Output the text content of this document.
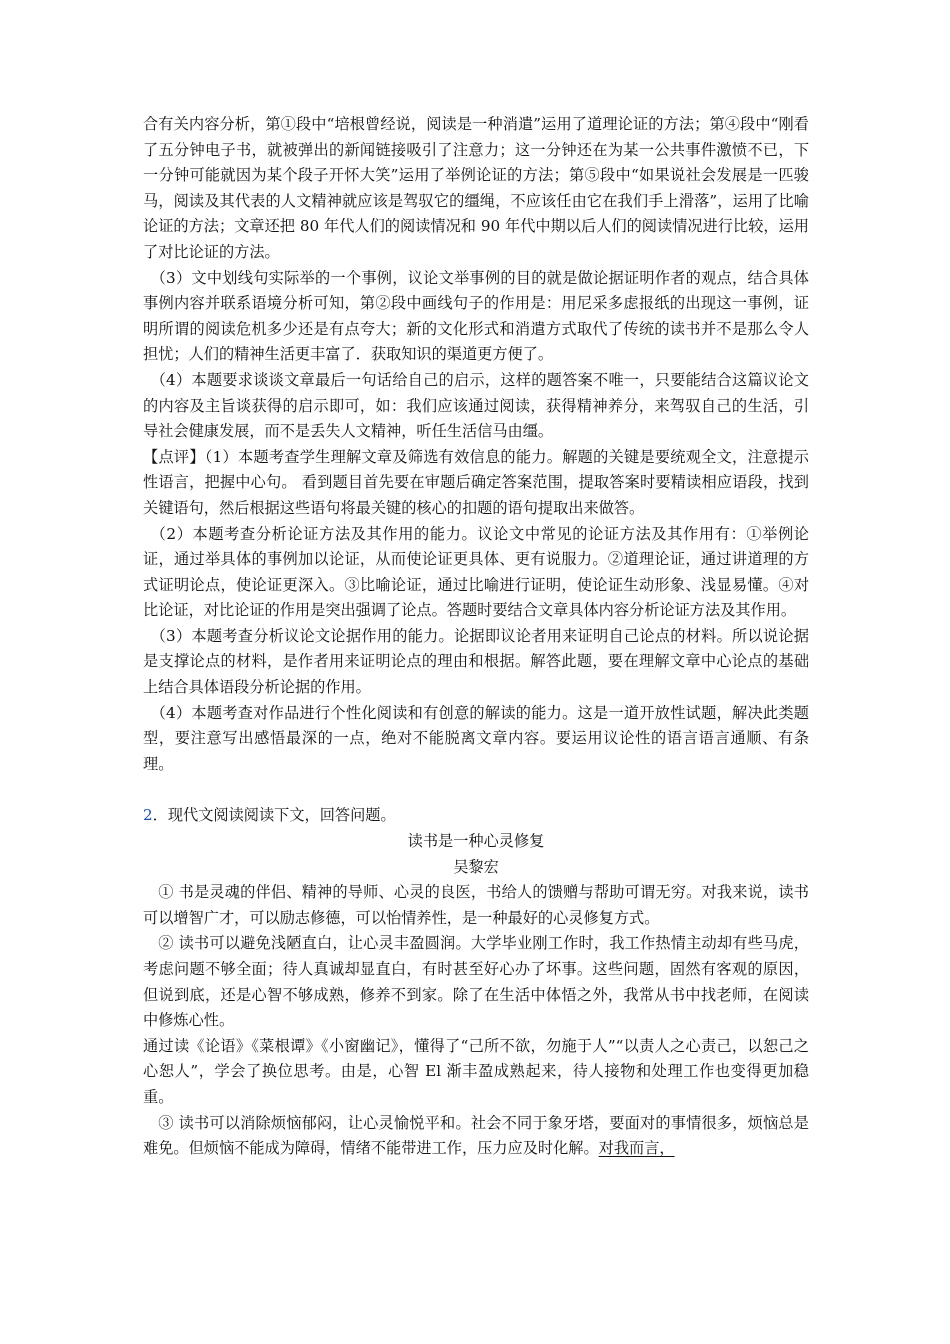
合有关内容分析，第①段中“培根曾经说，阅读是一种消遣”运用了道理论证的方法；第④段中“刚看了五分钟电子书，就被弹出的新闻链接吸引了注意力；这一分钟还在为某一公共事件激愤不已，下一分钟可能就因为某个段子开怀大笑”运用了举例论证的方法；第⑤段中“如果说社会发展是一匹骏马，阅读及其代表的人文精神就应该是驾驭它的缰绳，不应该任由它在我们手上滑落”，运用了比喻论证的方法；文章还把 80 年代人们的阅读情况和 90 年代中期以后人们的阅读情况进行比较，运用了对比论证的方法。

（3）文中划线句实际举的一个事例，议论文举事例的目的就是做论据证明作者的观点，结合具体事例内容并联系语境分析可知，第②段中画线句子的作用是：用尼采多虑报纸的出现这一事例，证明所谓的阅读危机多少还是有点夸大；新的文化形式和消遣方式取代了传统的读书并不是那么令人担忧；人们的精神生活更丰富了．获取知识的渠道更方便了。

（4）本题要求谈谈文章最后一句话给自己的启示，这样的题答案不唯一，只要能结合这篇议论文的内容及主旨谈获得的启示即可，如：我们应该通过阅读，获得精神养分，来驾驭自己的生活，引导社会健康发展，而不是丢失人文精神，听任生活信马由缰。

【点评】（1）本题考查学生理解文章及筛选有效信息的能力。解题的关键是要统观全文，注意提示性语言，把握中心句。 看到题目首先要在审题后确定答案范围，提取答案时要精读相应语段，找到关键语句，然后根据这些语句将最关键的核心的扣题的语句提取出来做答。

（2）本题考查分析论证方法及其作用的能力。议论文中常见的论证方法及其作用有：①举例论证，通过举具体的事例加以论证，从而使论证更具体、更有说服力。②道理论证，通过讲道理的方式证明论点，使论证更深入。③比喻论证，通过比喻进行证明，使论证生动形象、浅显易懂。④对比论证，对比论证的作用是突出强调了论点。答题时要结合文章具体内容分析论证方法及其作用。

（3）本题考查分析议论文论据作用的能力。论据即议论者用来证明自己论点的材料。所以说论据是支撑论点的材料，是作者用来证明论点的理由和根据。解答此题，要在理解文章中心论点的基础上结合具体语段分析论据的作用。

（4）本题考查对作品进行个性化阅读和有创意的解读的能力。这是一道开放性试题，解决此类题型，要注意写出感悟最深的一点，绝对不能脱离文章内容。要运用议论性的语言语言通顺、有条理。

2．现代文阅读阅读下文，回答问题。

读书是一种心灵修复

吴黎宏

① 书是灵魂的伴侣、精神的导师、心灵的良医，书给人的馈赠与帮助可谓无穷。对我来说，读书可以增智广才，可以励志修德，可以怡情养性，是一种最好的心灵修复方式。

② 读书可以避免浅陋直白，让心灵丰盈圆润。大学毕业刚工作时，我工作热情主动却有些马虎，考虑问题不够全面；待人真诚却显直白，有时甚至好心办了坏事。这些问题，固然有客观的原因，但说到底，还是心智不够成熟，修养不到家。除了在生活中体悟之外，我常从书中找老师，在阅读中修炼心性。

通过读《论语》《菜根谭》《小窗幽记》，懂得了“己所不欲，勿施于人”“以责人之心责己，以恕己之心恕人”，学会了换位思考。由是，心智 El 渐丰盈成熟起来，待人接物和处理工作也变得更加稳重。

③ 读书可以消除烦恼郁闷，让心灵愉悦平和。社会不同于象牙塔，要面对的事情很多，烦恼总是难免。但烦恼不能成为障碍，情绪不能带进工作，压力应及时化解。对我而言，
